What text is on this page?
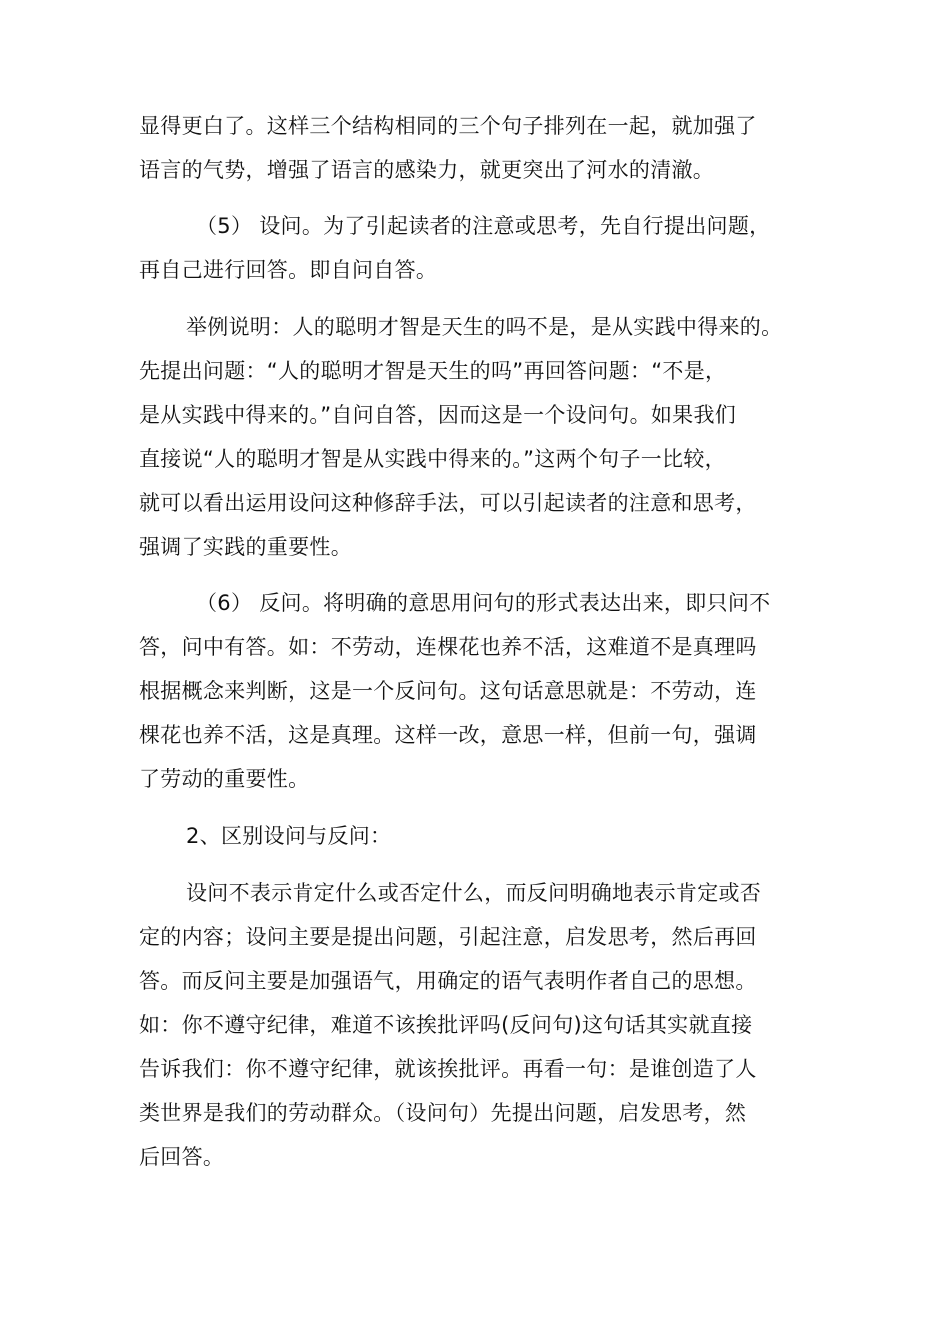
显得更白了。这样三个结构相同的三个句子排列在一起，就加强了
语言的气势，增强了语言的感染力，就更突出了河水的清澈。
（5） 设问。为了引起读者的注意或思考，先自行提出问题，
再自己进行回答。即自问自答。
举例说明：人的聪明才智是天生的吗不是，是从实践中得来的。
先提出问题：“人的聪明才智是天生的吗”再回答问题：“不是，
是从实践中得来的。”自问自答，因而这是一个设问句。如果我们
直接说“人的聪明才智是从实践中得来的。”这两个句子一比较，
就可以看出运用设问这种修辞手法，可以引起读者的注意和思考，
强调了实践的重要性。
（6） 反问。将明确的意思用问句的形式表达出来，即只问不
答，问中有答。如：不劳动，连棵花也养不活，这难道不是真理吗
根据概念来判断，这是一个反问句。这句话意思就是：不劳动，连
棵花也养不活，这是真理。这样一改，意思一样，但前一句，强调
了劳动的重要性。
2、区别设问与反问：
设问不表示肯定什么或否定什么，而反问明确地表示肯定或否
定的内容；设问主要是提出问题，引起注意，启发思考，然后再回
答。而反问主要是加强语气，用确定的语气表明作者自己的思想。
如：你不遵守纪律，难道不该挨批评吗(反问句)这句话其实就直接
告诉我们：你不遵守纪律，就该挨批评。再看一句：是谁创造了人
类世界是我们的劳动群众。（设问句）先提出问题，启发思考，然
后回答。
